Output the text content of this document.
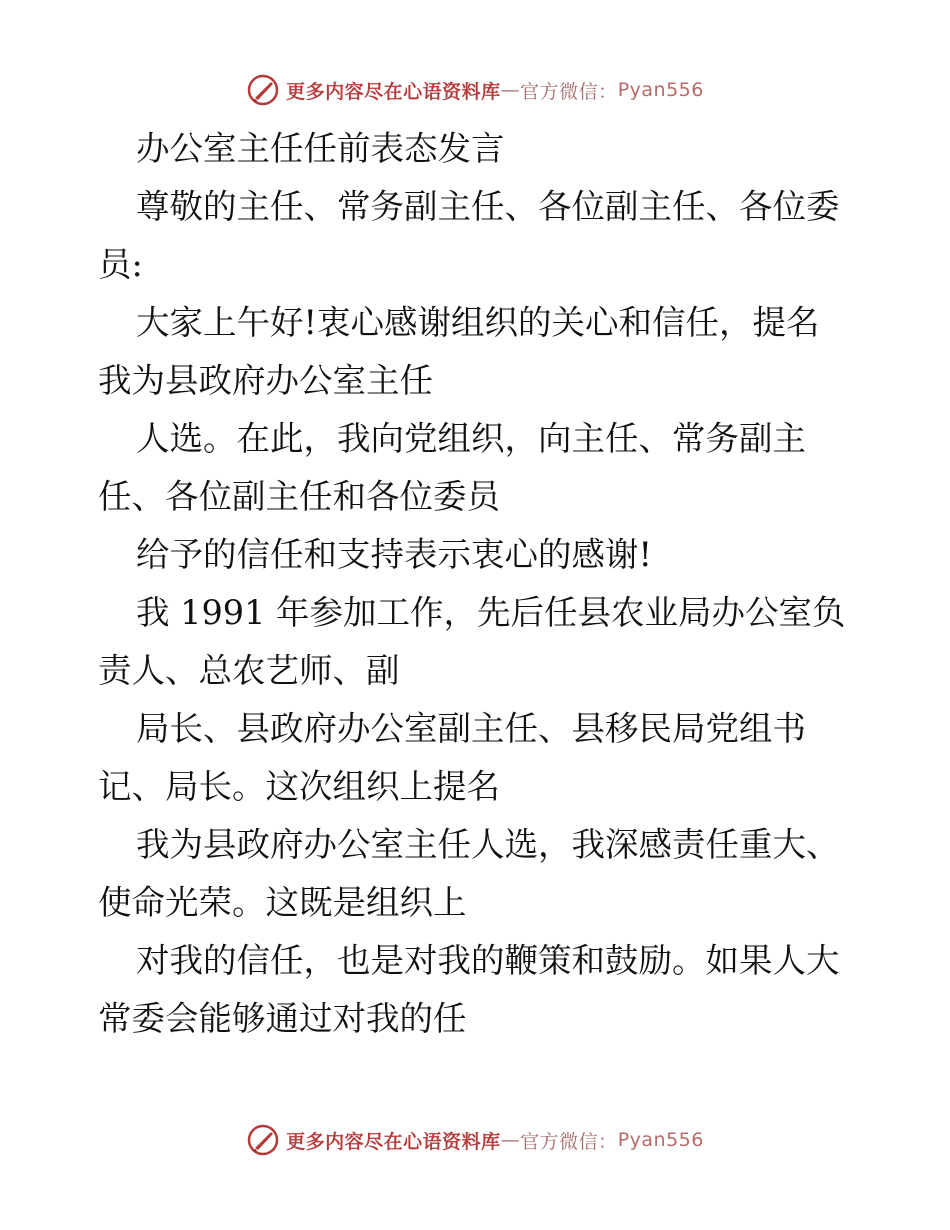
更多内容尽在心语资料库 — 官方微信： Pyan556
办公室主任任前表态发言
尊敬的主任、常务副主任、各位副主任、各位委
员:
大家上午好!衷心感谢组织的关心和信任，提名
我为县政府办公室主任
人选。在此，我向党组织，向主任、常务副主
任、各位副主任和各位委员
给予的信任和支持表示衷心的感谢!
我 1991 年参加工作，先后任县农业局办公室负
责人、总农艺师、副
局长、县政府办公室副主任、县移民局党组书
记、局长。这次组织上提名
我为县政府办公室主任人选，我深感责任重大、
使命光荣。这既是组织上
对我的信任，也是对我的鞭策和鼓励。如果人大
常委会能够通过对我的任
更多内容尽在心语资料库 — 官方微信： Pyan556
